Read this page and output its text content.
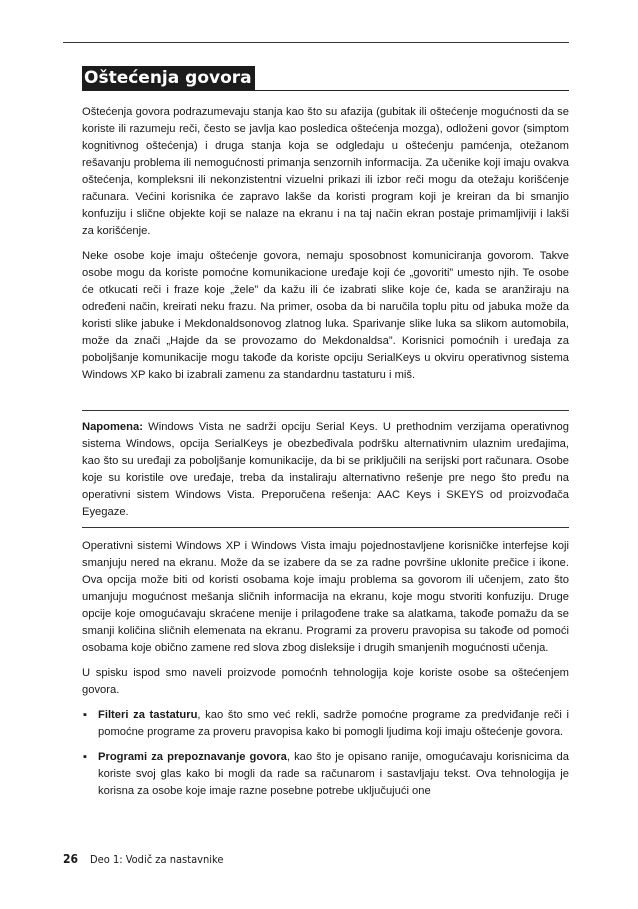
Oštećenja govora

Oštećenja govora podrazumevaju stanja kao što su afazija (gubitak ili oštećenje mogućnosti da se koriste ili razumeju reči, često se javlja kao posledica oštećenja mozga), odloženi govor (simptom kognitivnog oštećenja) i druga stanja koja se odgledaju u oštećenju pamćenja, otežanom rešavanju problema ili nemogućnosti primanja senzornih informacija. Za učenike koji imaju ovakva oštećenja, kompleksni ili nekonzistentni vizuelni prikazi ili izbor reči mogu da otežaju korišćenje računara. Većini korisnika će zapravo lakše da koristi program koji je kreiran da bi smanjio konfuziju i slične objekte koji se nalaze na ekranu i na taj način ekran postaje primamljiviji i lakši za korišćenje.

Neke osobe koje imaju oštećenje govora, nemaju sposobnost komuniciranja govorom. Takve osobe mogu da koriste pomoćne komunikacione uređaje koji će „govoriti” umesto njih. Te osobe će otkucati reči i fraze koje „žele” da kažu ili će izabrati slike koje će, kada se aranžiraju na određeni način, kreirati neku frazu. Na primer, osoba da bi naručila toplu pitu od jabuka može da koristi slike jabuke i Mekdonaldsonovog zlatnog luka. Sparivanje slike luka sa slikom automobila, može da znači „Hajde da se provozamo do Mekdonaldsa”. Korisnici pomoćnih i uređaja za poboljšanje komunikacije mogu takođe da koriste opciju SerialKeys u okviru operativnog sistema Windows XP kako bi izabrali zamenu za standardnu tastaturu i miš.

Napomena: Windows Vista ne sadrži opciju Serial Keys. U prethodnim verzijama operativnog sistema Windows, opcija SerialKeys je obezbeđivala podršku alternativnim ulaznim uređajima, kao što su uređaji za poboljšanje komunikacije, da bi se priključili na serijski port računara. Osobe koje su koristile ove uređaje, treba da instaliraju alternativno rešenje pre nego što pređu na operativni sistem Windows Vista. Preporučena rešenja: AAC Keys i SKEYS od proizvođača Eyegaze.

Operativni sistemi Windows XP i Windows Vista imaju pojednostavljene korisničke interfejse koji smanjuju nered na ekranu. Može da se izabere da se za radne površine uklonite prečice i ikone. Ova opcija može biti od koristi osobama koje imaju problema sa govorom ili učenjem, zato što umanjuju mogućnost mešanja sličnih informacija na ekranu, koje mogu stvoriti konfuziju. Druge opcije koje omogućavaju skraćene menije i prilagođene trake sa alatkama, takođe pomažu da se smanji količina sličnih elemenata na ekranu. Programi za proveru pravopisa su takođe od pomoći osobama koje obično zamene red slova zbog disleksije i drugih smanjenih mogućnosti učenja.

U spisku ispod smo naveli proizvode pomoćnh tehnologija koje koriste osobe sa oštećenjem govora.

▪ Filteri za tastaturu, kao što smo već rekli, sadrže pomoćne programe za predviđanje reči i pomoćne programe za proveru pravopisa kako bi pomogli ljudima koji imaju oštećenje govora.
▪ Programi za prepoznavanje govora, kao što je opisano ranije, omogućavaju korisnicima da koriste svoj glas kako bi mogli da rade sa računarom i sastavljaju tekst. Ova tehnologija je korisna za osobe koje imaje razne posebne potrebe uključujući one
26 Deo 1: Vodič za nastavnike
